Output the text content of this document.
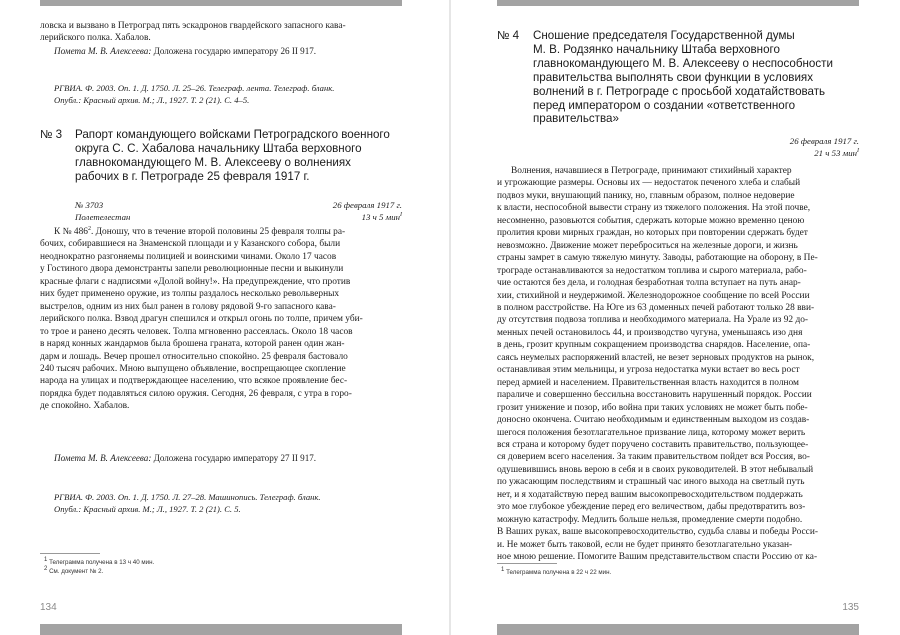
ловска и вызвано в Петроград пять эскадронов гвардейского запасного кава-
лерийского полка. Хабалов.
Помета М. В. Алексеева: Доложена государю императору 26 II 917.
РГВИА. Ф. 2003. Оп. 1. Д. 1750. Л. 25–26. Телеграф. лента. Телеграф. бланк.
Опубл.: Красный архив. М.; Л., 1927. Т. 2 (21). С. 4–5.
№ 3 Рапорт командующего войсками Петроградского военного
округа С. С. Хабалова начальнику Штаба верховного
главнокомандующего М. В. Алексееву о волнениях
рабочих в г. Петрограде 25 февраля 1917 г.
№ 3703
Полетелестан
26 февраля 1917 г.
13 ч 5 мин$^I$
К № $486^2$. Доношу, что в течение второй половины 25 февраля толпы ра-
бочих, собиравшиеся на Знаменской площади и у Казанского собора, были
неоднократно разгоняемы полицией и воинскими чинами. Около 17 часов
у Гостиного двора демонстранты запели революционные песни и выкинули
красные флаги с надписями «Долой войну!». На предупреждение, что против
них будет применено оружие, из толпы раздалось несколько револьверных
выстрелов, одним из них был ранен в голову рядовой 9-го запасного кава-
лерийского полка. Взвод драгун спешился и открыл огонь по толпе, причем уби-
то трое и ранено десять человек. Толпа мгновенно рассеялась. Около 18 часов
в наряд конных жандармов была брошена граната, которой ранен один жан-
дарм и лошадь. Вечер прошел относительно спокойно. 25 февраля бастовало
240 тысяч рабочих. Мною выпущено объявление, воспрещающее скопление
народа на улицах и подтверждающее населению, что всякое проявление бес-
порядка будет подавляться силою оружия. Сегодня, 26 февраля, с утра в горо-
де спокойно. Хабалов.
Помета М. В. Алексеева: Доложена государю императору 27 II 917.
РГВИА. Ф. 2003. Оп. 1. Д. 1750. Л. 27–28. Машинопись. Телеграф. бланк.
Опубл.: Красный архив. М.; Л., 1927. Т. 2 (21). С. 5.
$^1$ Телеграмма получена в 13 ч 40 мин.
$^2$ См. документ № 2.
134
№ 4 Сношение председателя Государственной думы
М. В. Родзянко начальнику Штаба верховного
главнокомандующего М. В. Алексееву о неспособности
правительства выполнять свои функции в условиях
волнений в г. Петрограде с просьбой ходатайствовать
перед императором о создании «ответственного
правительства»
26 февраля 1917 г.
21 ч 53 мин$^I$
Волнения, начавшиеся в Петрограде, принимают стихийный характер
и угрожающие размеры. Основы их — недостаток печеного хлеба и слабый
подвоз муки, внушающий панику, но, главным образом, полное недоверие
к власти, неспособной вывести страну из тяжелого положения. На этой почве,
несомненно, разовьются события, сдержать которые можно временно ценою
пролития крови мирных граждан, но которых при повторении сдержать будет
невозможно. Движение может переброситься на железные дороги, и жизнь
страны замрет в самую тяжелую минуту. Заводы, работающие на оборону, в Пе-
трограде останавливаются за недостатком топлива и сырого материала, рабо-
чие остаются без дела, и голодная безработная толпа вступает на путь анар-
хии, стихийной и неудержимой. Железнодорожное сообщение по всей России
в полном расстройстве. На Юге из 63 доменных печей работают только 28 вви-
ду отсутствия подвоза топлива и необходимого материала. На Урале из 92 до-
менных печей остановилось 44, и производство чугуна, уменьшаясь изо дня
в день, грозит крупным сокращением производства снарядов. Население, опа-
саясь неумелых распоряжений властей, не везет зерновых продуктов на рынок,
останавливая этим мельницы, и угроза недостатка муки встает во весь рост
перед армией и населением. Правительственная власть находится в полном
параличе и совершенно бессильна восстановить нарушенный порядок. России
грозит унижение и позор, ибо война при таких условиях не может быть побе-
доносно окончена. Считаю необходимым и единственным выходом из создав-
шегося положения безотлагательное призвание лица, которому может верить
вся страна и которому будет поручено составить правительство, пользующее-
ся доверием всего населения. За таким правительством пойдет вся Россия, во-
одушевившись вновь верою в себя и в своих руководителей. В этот небывалый
по ужасающим последствиям и страшный час иного выхода на светлый путь
нет, и я ходатайствую перед вашим высокопревосходительством поддержать
это мое глубокое убеждение перед его величеством, дабы предотвратить воз-
можную катастрофу. Медлить больше нельзя, промедление смерти подобно.
В Ваших руках, ваше высокопревосходительство, судьба славы и победы Росси-
и. Не может быть таковой, если не будет принято безотлагательно указан-
ное мною решение. Помогите Вашим представительством спасти Россию от ка-
$^1$ Телеграмма получена в 22 ч 22 мин.
135
